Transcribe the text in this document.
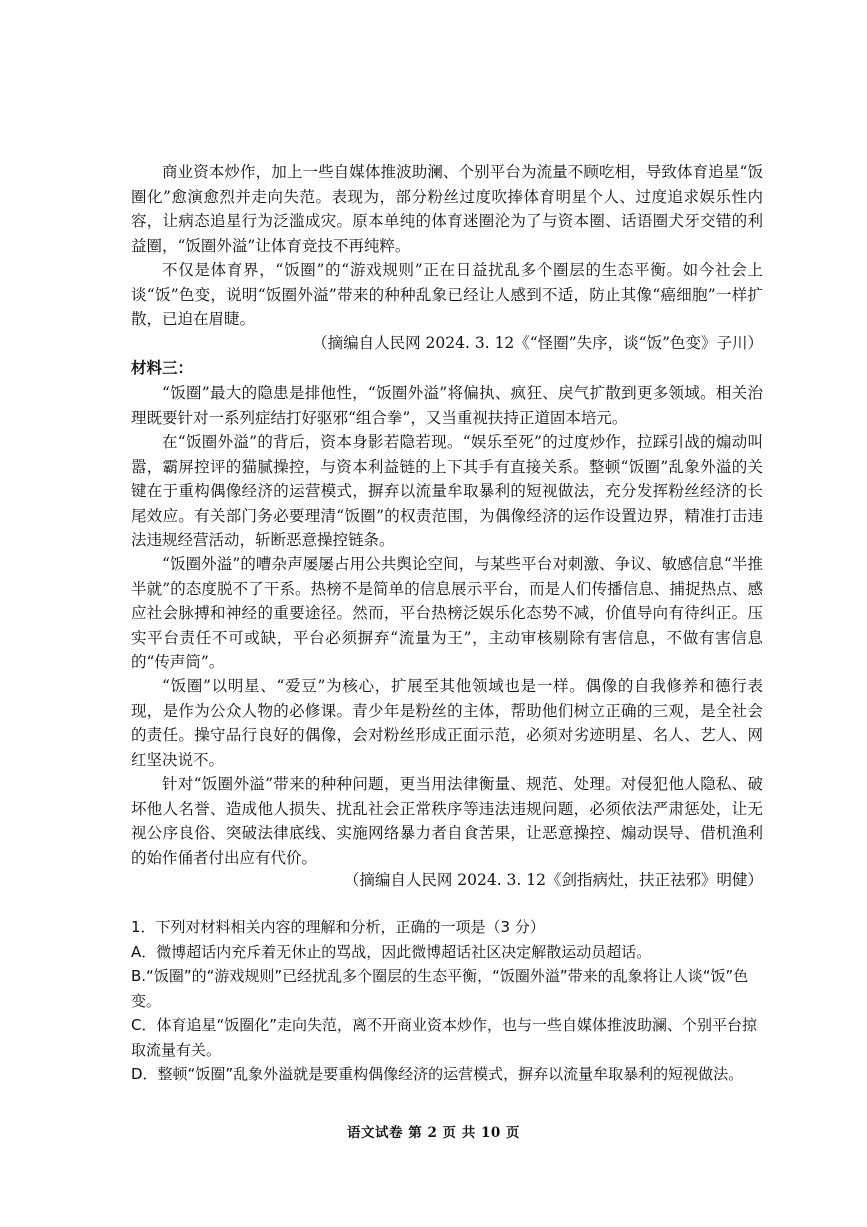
商业资本炒作，加上一些自媒体推波助澜、个别平台为流量不顾吃相，导致体育追星“饭圈化”愈演愈烈并走向失范。表现为，部分粉丝过度吹捧体育明星个人、过度追求娱乐性内容，让病态追星行为泛滥成灾。原本单纯的体育迷圈沦为了与资本圈、话语圈犬牙交错的利益圈，“饭圈外溢”让体育竞技不再纯粹。

不仅是体育界，“饭圈”的“游戏规则”正在日益扰乱多个圈层的生态平衡。如今社会上谈“饭”色变，说明“饭圈外溢”带来的种种乱象已经让人感到不适，防止其像“癌细胞”一样扩散，已迫在眉睫。

（摘编自人民网 2024. 3. 12《“怪圈”失序，谈“饭”色变》子川）
材料三：

“饭圈”最大的隐患是排他性，“饭圈外溢”将偏执、疯狂、戾气扩散到更多领域。相关治理既要针对一系列症结打好驱邪“组合拳”，又当重视扶持正道固本培元。

在“饭圈外溢”的背后，资本身影若隐若现。“娱乐至死”的过度炒作，拉踩引战的煽动叫嚣，霸屏控评的猫腻操控，与资本利益链的上下其手有直接关系。整顿“饭圈”乱象外溢的关键在于重构偶像经济的运营模式，摒弃以流量牟取暴利的短视做法，充分发挥粉丝经济的长尾效应。有关部门务必要理清“饭圈”的权责范围，为偶像经济的运作设置边界，精准打击违法违规经营活动，斩断恶意操控链条。

“饭圈外溢”的嘈杂声屡屡占用公共舆论空间，与某些平台对刺激、争议、敏感信息“半推半就”的态度脱不了干系。热榜不是简单的信息展示平台，而是人们传播信息、捕捉热点、感应社会脉搏和神经的重要途径。然而，平台热榜泛娱乐化态势不减，价值导向有待纠正。压实平台责任不可或缺，平台必须摒弃“流量为王”，主动审核剔除有害信息，不做有害信息的“传声筒”。

“饭圈”以明星、“爱豆”为核心，扩展至其他领域也是一样。偶像的自我修养和德行表现，是作为公众人物的必修课。青少年是粉丝的主体，帮助他们树立正确的三观，是全社会的责任。操守品行良好的偶像，会对粉丝形成正面示范，必须对劣迹明星、名人、艺人、网红坚决说不。

针对“饭圈外溢”带来的种种问题，更当用法律衡量、规范、处理。对侵犯他人隐私、破坏他人名誉、造成他人损失、扰乱社会正常秩序等违法违规问题，必须依法严肃惩处，让无视公序良俗、突破法律底线、实施网络暴力者自食苦果，让恶意操控、煽动误导、借机渔利的始作俑者付出应有代价。

（摘编自人民网 2024. 3. 12《剑指病灶，扶正祛邪》明健）

1．下列对材料相关内容的理解和分析，正确的一项是（3 分）

A．微博超话内充斥着无休止的骂战，因此微博超话社区决定解散运动员超话。

B.“饭圈”的“游戏规则”已经扰乱多个圈层的生态平衡，“饭圈外溢”带来的乱象将让人谈“饭”色变。

C．体育追星“饭圈化”走向失范，离不开商业资本炒作，也与一些自媒体推波助澜、个别平台掠取流量有关。

D．整顿“饭圈”乱象外溢就是要重构偶像经济的运营模式，摒弃以流量牟取暴利的短视做法。

语文试卷 第 2 页 共 10 页
